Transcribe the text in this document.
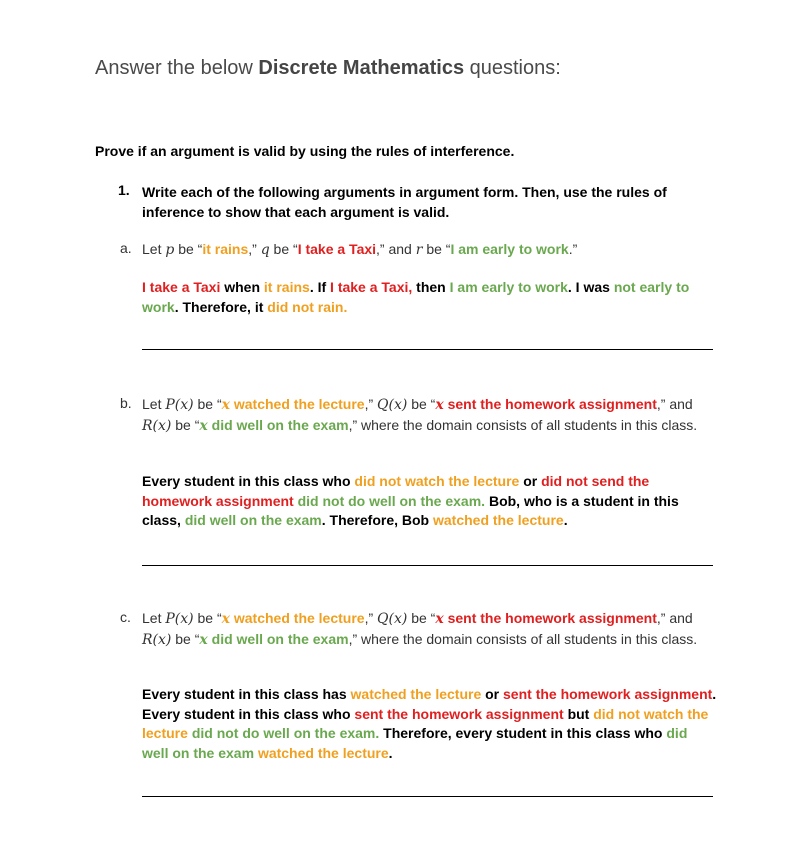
Answer the below Discrete Mathematics questions:
Prove if an argument is valid by using the rules of interference.
1. Write each of the following arguments in argument form. Then, use the rules of inference to show that each argument is valid.
a. Let p be “it rains,” q be “I take a Taxi,” and r be “I am early to work.”
I take a Taxi when it rains. If I take a Taxi, then I am early to work. I was not early to work. Therefore, it did not rain.
b. Let P(x) be “x watched the lecture,” Q(x) be “x sent the homework assignment,” and R(x) be “x did well on the exam,” where the domain consists of all students in this class.
Every student in this class who did not watch the lecture or did not send the homework assignment did not do well on the exam. Bob, who is a student in this class, did well on the exam. Therefore, Bob watched the lecture.
c. Let P(x) be “x watched the lecture,” Q(x) be “x sent the homework assignment,” and R(x) be “x did well on the exam,” where the domain consists of all students in this class.
Every student in this class has watched the lecture or sent the homework assignment. Every student in this class who sent the homework assignment but did not watch the lecture did not do well on the exam. Therefore, every student in this class who did well on the exam watched the lecture.
